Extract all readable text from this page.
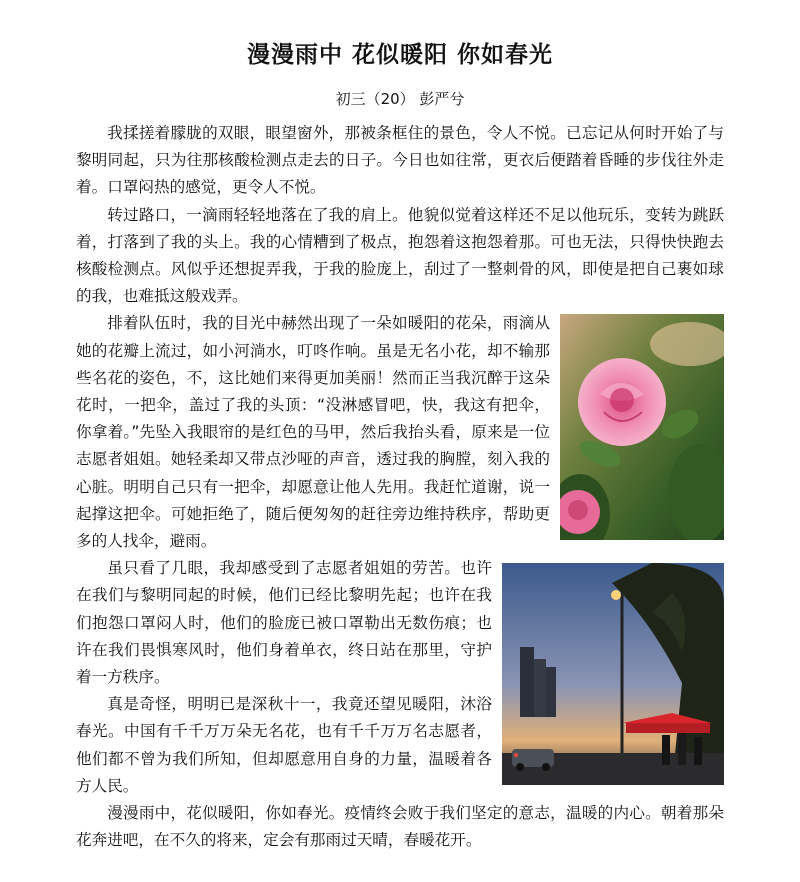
漫漫雨中 花似暖阳 你如春光
初三（20） 彭严兮

我揉搓着朦胧的双眼，眼望窗外，那被条框住的景色，令人不悦。已忘记从何时开始了与黎明同起，只为往那核酸检测点走去的日子。今日也如往常，更衣后便踏着昏睡的步伐往外走着。口罩闷热的感觉，更令人不悦。

转过路口，一滴雨轻轻地落在了我的肩上。他貌似觉着这样还不足以他玩乐，变转为跳跃着，打落到了我的头上。我的心情糟到了极点，抱怨着这抱怨着那。可也无法，只得快快跑去核酸检测点。风似乎还想捉弄我，于我的脸庞上，刮过了一整刺骨的风，即使是把自己裹如球的我，也难抵这般戏弄。

排着队伍时，我的目光中赫然出现了一朵如暖阳的花朵，雨滴从她的花瓣上流过，如小河淌水，叮咚作响。虽是无名小花，却不输那些名花的姿色，不，这比她们来得更加美丽！然而正当我沉醉于这朵花时，一把伞，盖过了我的头顶：“没淋感冒吧，快，我这有把伞，你拿着。”先坠入我眼帘的是红色的马甲，然后我抬头看，原来是一位志愿者姐姐。她轻柔却又带点沙哑的声音，透过我的胸膛，刻入我的心脏。明明自己只有一把伞，却愿意让他人先用。我赶忙道谢，说一起撑这把伞。可她拒绝了，随后便匆匆的赶往旁边维持秩序，帮助更多的人找伞，避雨。

虽只看了几眼，我却感受到了志愿者姐姐的劳苦。也许在我们与黎明同起的时候，他们已经比黎明先起；也许在我们抱怨口罩闷人时，他们的脸庞已被口罩勒出无数伤痕；也许在我们畏惧寒风时，他们身着单衣，终日站在那里，守护着一方秩序。

真是奇怪，明明已是深秋十一，我竟还望见暖阳，沐浴春光。中国有千千万万朵无名花，也有千千万万名志愿者，他们都不曾为我们所知，但却愿意用自身的力量，温暖着各方人民。

漫漫雨中，花似暖阳，你如春光。疫情终会败于我们坚定的意志，温暖的内心。朝着那朵花奔进吧，在不久的将来，定会有那雨过天晴，春暖花开。
